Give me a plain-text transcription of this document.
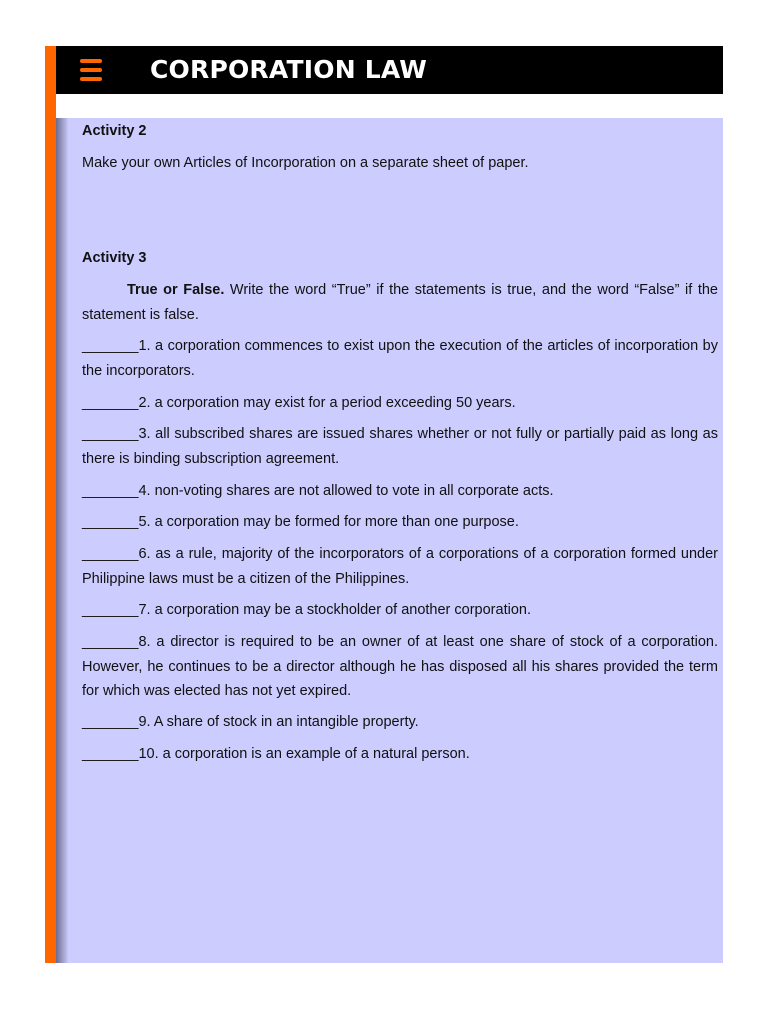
CORPORATION LAW
Activity 2
Make your own Articles of Incorporation on a separate sheet of paper.
Activity 3
True or False. Write the word “True” if the statements is true, and the word “False” if the statement is false.
_______1. a corporation commences to exist upon the execution of the articles of incorporation by the incorporators.
_______2. a corporation may exist for a period exceeding 50 years.
_______3. all subscribed shares are issued shares whether or not fully or partially paid as long as there is binding subscription agreement.
_______4. non-voting shares are not allowed to vote in all corporate acts.
_______5. a corporation may be formed for more than one purpose.
_______6. as a rule, majority of the incorporators of a corporations of a corporation formed under Philippine laws must be a citizen of the Philippines.
_______7. a corporation may be a stockholder of another corporation.
_______8. a director is required to be an owner of at least one share of stock of a corporation. However, he continues to be a director although he has disposed all his shares provided the term for which was elected has not yet expired.
_______9. A share of stock in an intangible property.
_______10. a corporation is an example of a natural person.
